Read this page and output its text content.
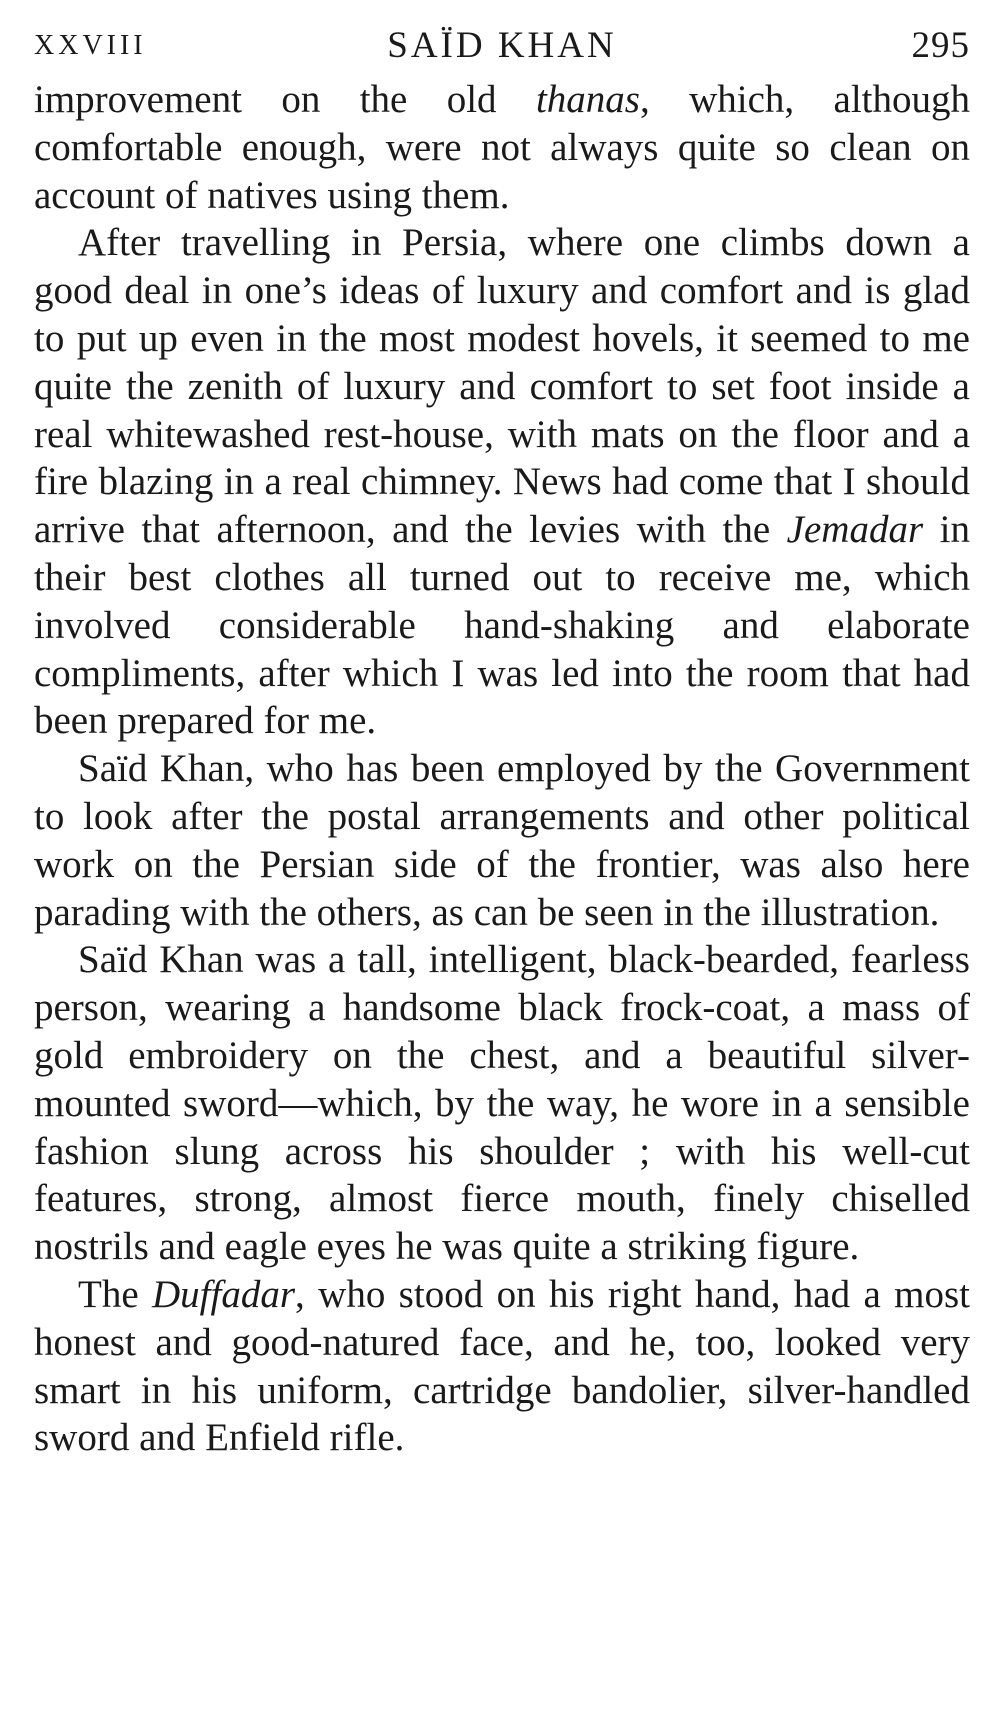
XXVIII	SAÏD KHAN	295

improvement on the old thanas, which, although comfortable enough, were not always quite so clean on account of natives using them.

After travelling in Persia, where one climbs down a good deal in one’s ideas of luxury and comfort and is glad to put up even in the most modest hovels, it seemed to me quite the zenith of luxury and comfort to set foot inside a real whitewashed rest-house, with mats on the floor and a fire blazing in a real chimney. News had come that I should arrive that afternoon, and the levies with the Jemadar in their best clothes all turned out to receive me, which involved considerable hand-shaking and elaborate compliments, after which I was led into the room that had been prepared for me.

Saïd Khan, who has been employed by the Government to look after the postal arrangements and other political work on the Persian side of the frontier, was also here parading with the others, as can be seen in the illustration.

Saïd Khan was a tall, intelligent, black-bearded, fearless person, wearing a handsome black frock-coat, a mass of gold embroidery on the chest, and a beautiful silver-mounted sword—which, by the way, he wore in a sensible fashion slung across his shoulder ; with his well-cut features, strong, almost fierce mouth, finely chiselled nostrils and eagle eyes he was quite a striking figure.

The Duffadar, who stood on his right hand, had a most honest and good-natured face, and he, too, looked very smart in his uniform, cartridge bandolier, silver-handled sword and Enfield rifle.
